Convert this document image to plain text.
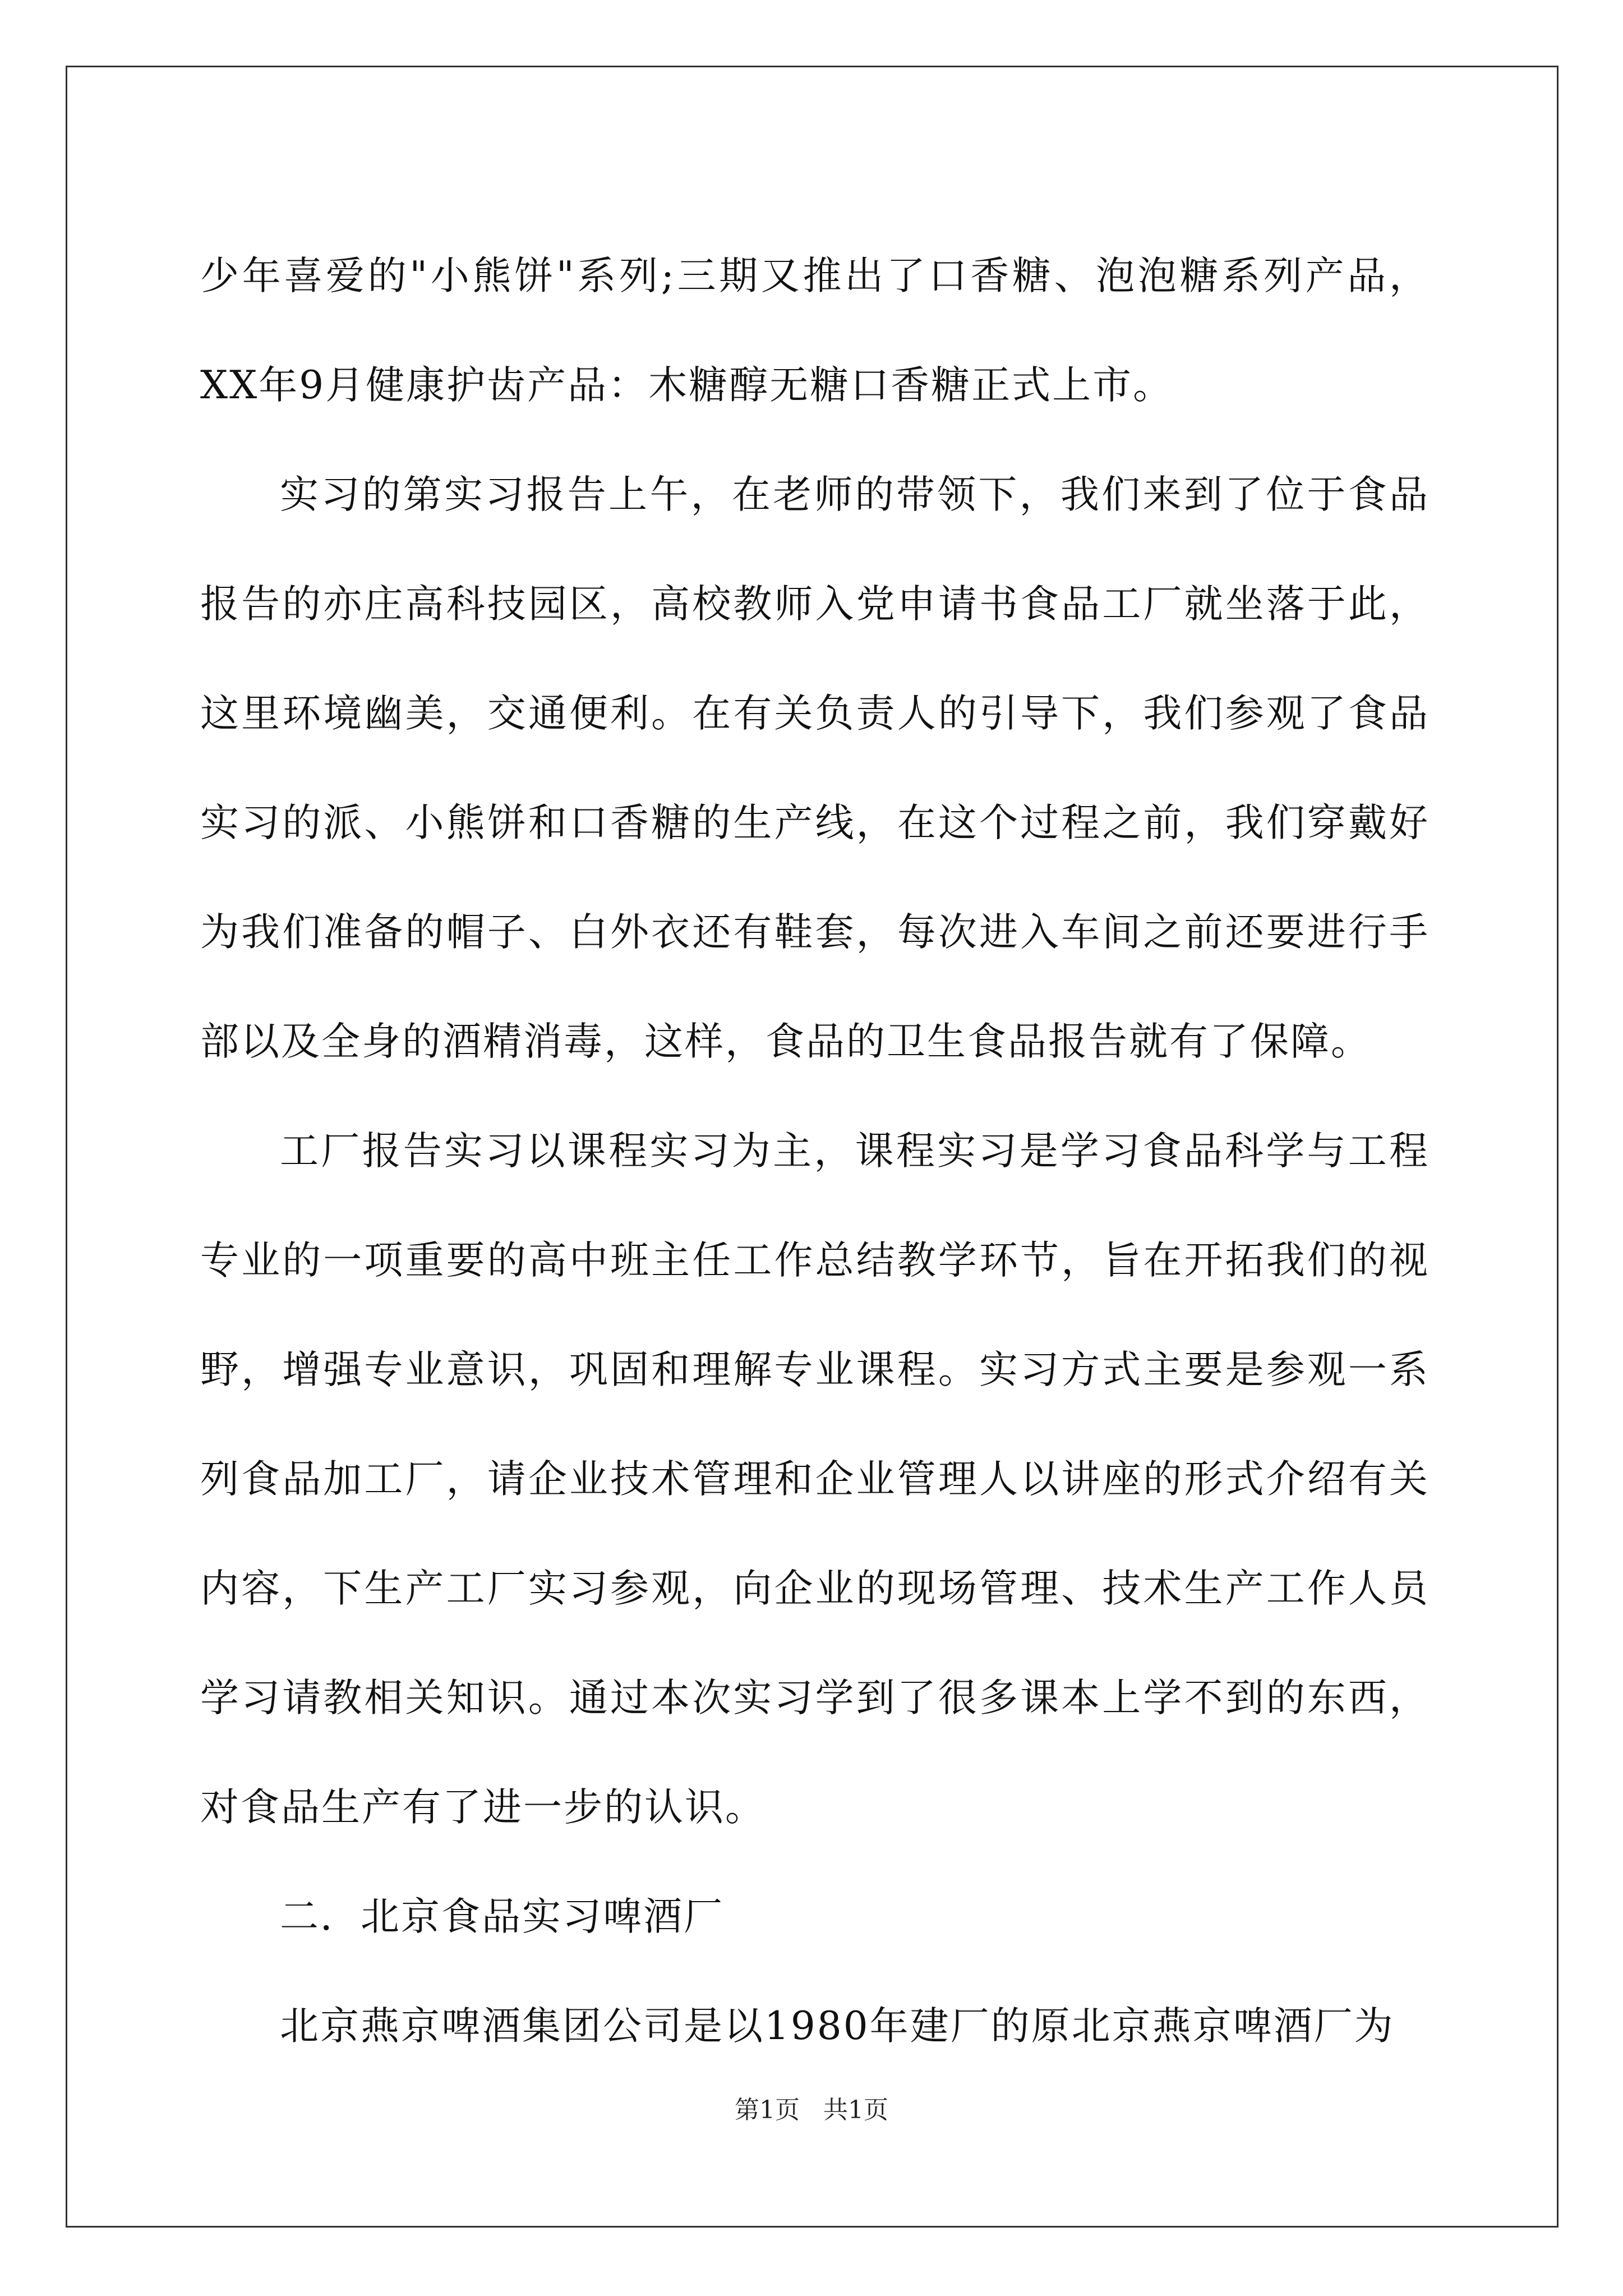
少年喜爱的"小熊饼"系列;三期又推出了口香糖、泡泡糖系列产品，XX年9月健康护齿产品：木糖醇无糖口香糖正式上市。

实习的第实习报告上午，在老师的带领下，我们来到了位于食品报告的亦庄高科技园区，高校教师入党申请书食品工厂就坐落于此，这里环境幽美，交通便利。在有关负责人的引导下，我们参观了食品实习的派、小熊饼和口香糖的生产线，在这个过程之前，我们穿戴好为我们准备的帽子、白外衣还有鞋套，每次进入车间之前还要进行手部以及全身的酒精消毒，这样，食品的卫生食品报告就有了保障。

工厂报告实习以课程实习为主，课程实习是学习食品科学与工程专业的一项重要的高中班主任工作总结教学环节，旨在开拓我们的视野，增强专业意识，巩固和理解专业课程。实习方式主要是参观一系列食品加工厂，请企业技术管理和企业管理人以讲座的形式介绍有关内容，下生产工厂实习参观，向企业的现场管理、技术生产工作人员学习请教相关知识。通过本次实习学到了很多课本上学不到的东西，对食品生产有了进一步的认识。

二．北京食品实习啤酒厂

北京燕京啤酒集团公司是以1980年建厂的原北京燕京啤酒厂为

第1页 共1页
